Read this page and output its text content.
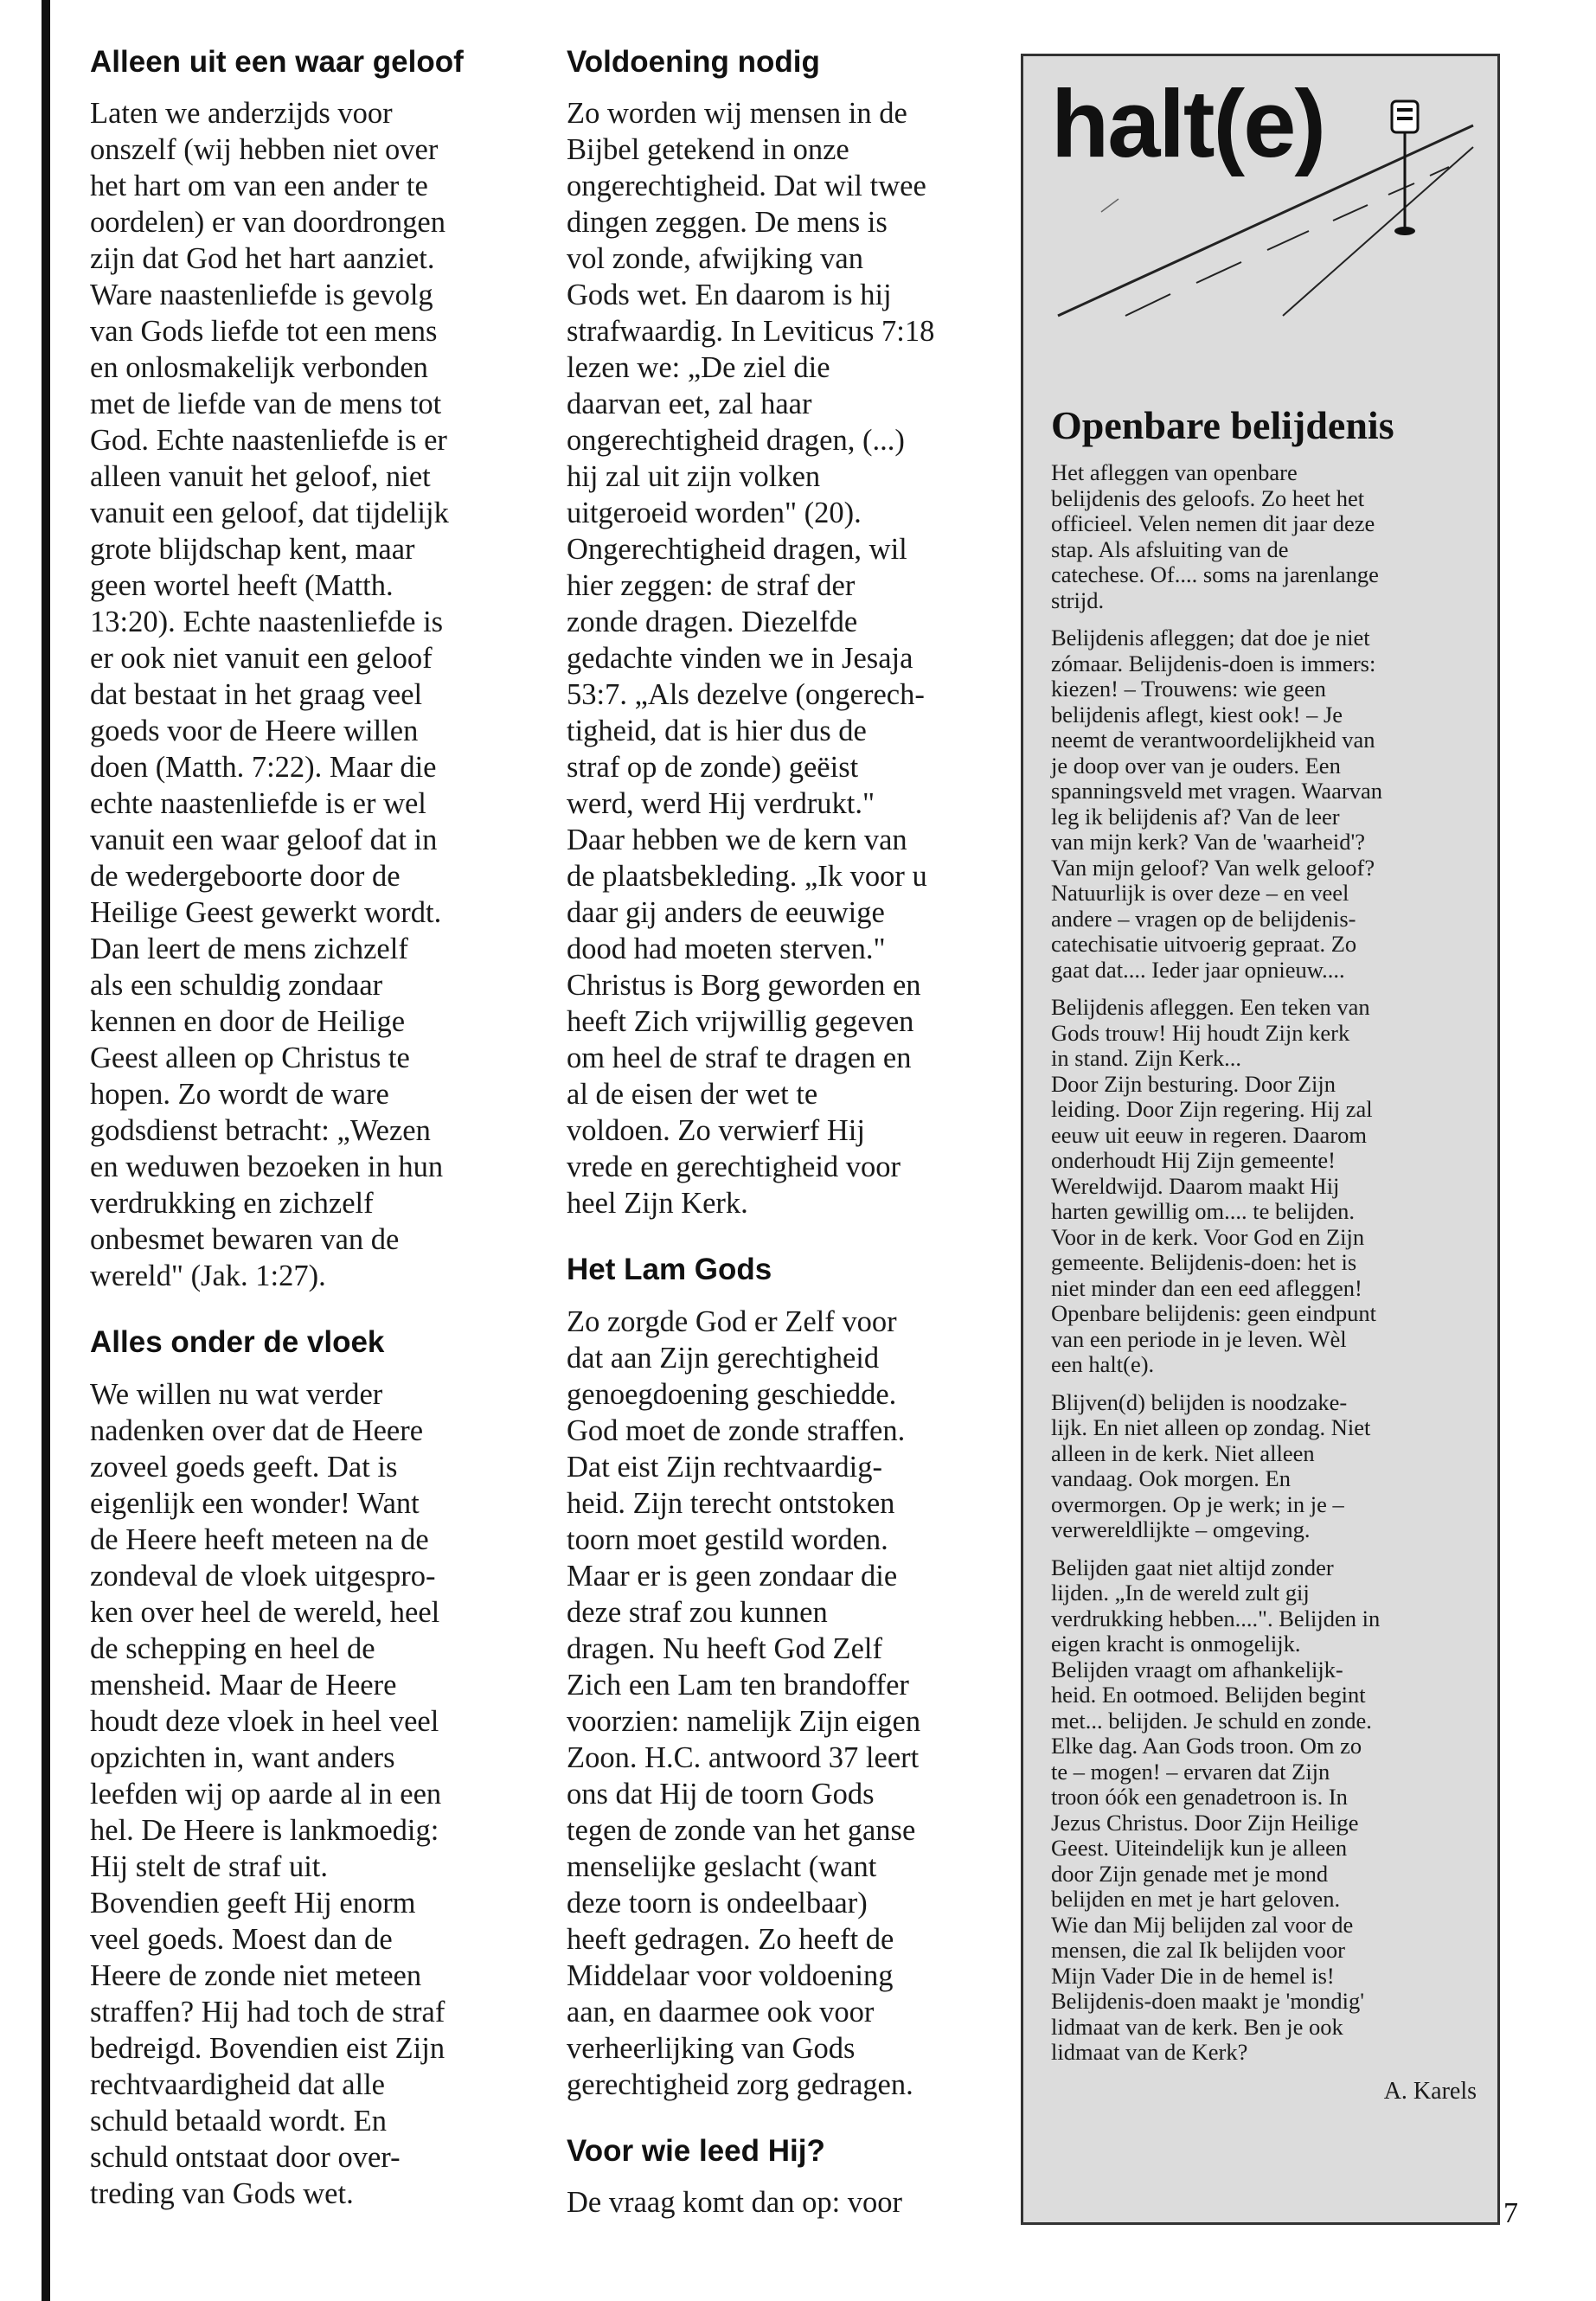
Alleen uit een waar geloof

Laten we anderzijds voor
onszelf (wij hebben niet over
het hart om van een ander te
oordelen) er van doordrongen
zijn dat God het hart aanziet.
Ware naastenliefde is gevolg
van Gods liefde tot een mens
en onlosmakelijk verbonden
met de liefde van de mens tot
God. Echte naastenliefde is er
alleen vanuit het geloof, niet
vanuit een geloof, dat tijdelijk
grote blijdschap kent, maar
geen wortel heeft (Matth.
13:20). Echte naastenliefde is
er ook niet vanuit een geloof
dat bestaat in het graag veel
goeds voor de Heere willen
doen (Matth. 7:22). Maar die
echte naastenliefde is er wel
vanuit een waar geloof dat in
de wedergeboorte door de
Heilige Geest gewerkt wordt.
Dan leert de mens zichzelf
als een schuldig zondaar
kennen en door de Heilige
Geest alleen op Christus te
hopen. Zo wordt de ware
godsdienst betracht: „Wezen
en weduwen bezoeken in hun
verdrukking en zichzelf
onbesmet bewaren van de
wereld" (Jak. 1:27).

Alles onder de vloek

We willen nu wat verder
nadenken over dat de Heere
zoveel goeds geeft. Dat is
eigenlijk een wonder! Want
de Heere heeft meteen na de
zondeval de vloek uitgespro-
ken over heel de wereld, heel
de schepping en heel de
mensheid. Maar de Heere
houdt deze vloek in heel veel
opzichten in, want anders
leefden wij op aarde al in een
hel. De Heere is lankmoedig:
Hij stelt de straf uit.
Bovendien geeft Hij enorm
veel goeds. Moest dan de
Heere de zonde niet meteen
straffen? Hij had toch de straf
bedreigd. Bovendien eist Zijn
rechtvaardigheid dat alle
schuld betaald wordt. En
schuld ontstaat door over-
treding van Gods wet.

Voldoening nodig

Zo worden wij mensen in de
Bijbel getekend in onze
ongerechtigheid. Dat wil twee
dingen zeggen. De mens is
vol zonde, afwijking van
Gods wet. En daarom is hij
strafwaardig. In Leviticus 7:18
lezen we: „De ziel die
daarvan eet, zal haar
ongerechtigheid dragen, (...)
hij zal uit zijn volken
uitgeroeid worden" (20).
Ongerechtigheid dragen, wil
hier zeggen: de straf der
zonde dragen. Diezelfde
gedachte vinden we in Jesaja
53:7. „Als dezelve (ongerech-
tigheid, dat is hier dus de
straf op de zonde) geëist
werd, werd Hij verdrukt."
Daar hebben we de kern van
de plaatsbekleding. „Ik voor u
daar gij anders de eeuwige
dood had moeten sterven."
Christus is Borg geworden en
heeft Zich vrijwillig gegeven
om heel de straf te dragen en
al de eisen der wet te
voldoen. Zo verwierf Hij
vrede en gerechtigheid voor
heel Zijn Kerk.

Het Lam Gods

Zo zorgde God er Zelf voor
dat aan Zijn gerechtigheid
genoegdoening geschiedde.
God moet de zonde straffen.
Dat eist Zijn rechtvaardig-
heid. Zijn terecht ontstoken
toorn moet gestild worden.
Maar er is geen zondaar die
deze straf zou kunnen
dragen. Nu heeft God Zelf
Zich een Lam ten brandoffer
voorzien: namelijk Zijn eigen
Zoon. H.C. antwoord 37 leert
ons dat Hij de toorn Gods
tegen de zonde van het ganse
menselijke geslacht (want
deze toorn is ondeelbaar)
heeft gedragen. Zo heeft de
Middelaar voor voldoening
aan, en daarmee ook voor
verheerlijking van Gods
gerechtigheid zorg gedragen.

Voor wie leed Hij?

De vraag komt dan op: voor

halt(e)
Openbare belijdenis

Het afleggen van openbare
belijdenis des geloofs. Zo heet het
officieel. Velen nemen dit jaar deze
stap. Als afsluiting van de
catechese. Of.... soms na jarenlange
strijd.

Belijdenis afleggen; dat doe je niet
zómaar. Belijdenis-doen is immers:
kiezen! – Trouwens: wie geen
belijdenis aflegt, kiest ook! – Je
neemt de verantwoordelijkheid van
je doop over van je ouders. Een
spanningsveld met vragen. Waarvan
leg ik belijdenis af? Van de leer
van mijn kerk? Van de 'waarheid'?
Van mijn geloof? Van welk geloof?
Natuurlijk is over deze – en veel
andere – vragen op de belijdenis-
catechisatie uitvoerig gepraat. Zo
gaat dat.... Ieder jaar opnieuw....

Belijdenis afleggen. Een teken van
Gods trouw! Hij houdt Zijn kerk
in stand. Zijn Kerk...
Door Zijn besturing. Door Zijn
leiding. Door Zijn regering. Hij zal
eeuw uit eeuw in regeren. Daarom
onderhoudt Hij Zijn gemeente!
Wereldwijd. Daarom maakt Hij
harten gewillig om.... te belijden.
Voor in de kerk. Voor God en Zijn
gemeente. Belijdenis-doen: het is
niet minder dan een eed afleggen!
Openbare belijdenis: geen eindpunt
van een periode in je leven. Wèl
een halt(e).

Blijven(d) belijden is noodzake-
lijk. En niet alleen op zondag. Niet
alleen in de kerk. Niet alleen
vandaag. Ook morgen. En
overmorgen. Op je werk; in je –
verwereldlijkte – omgeving.

Belijden gaat niet altijd zonder
lijden. „In de wereld zult gij
verdrukking hebben....". Belijden in
eigen kracht is onmogelijk.
Belijden vraagt om afhankelijk-
heid. En ootmoed. Belijden begint
met... belijden. Je schuld en zonde.
Elke dag. Aan Gods troon. Om zo
te – mogen! – ervaren dat Zijn
troon óók een genadetroon is. In
Jezus Christus. Door Zijn Heilige
Geest. Uiteindelijk kun je alleen
door Zijn genade met je mond
belijden en met je hart geloven.
Wie dan Mij belijden zal voor de
mensen, die zal Ik belijden voor
Mijn Vader Die in de hemel is!
Belijdenis-doen maakt je 'mondig'
lidmaat van de kerk. Ben je ook
lidmaat van de Kerk?

A. Karels
7
